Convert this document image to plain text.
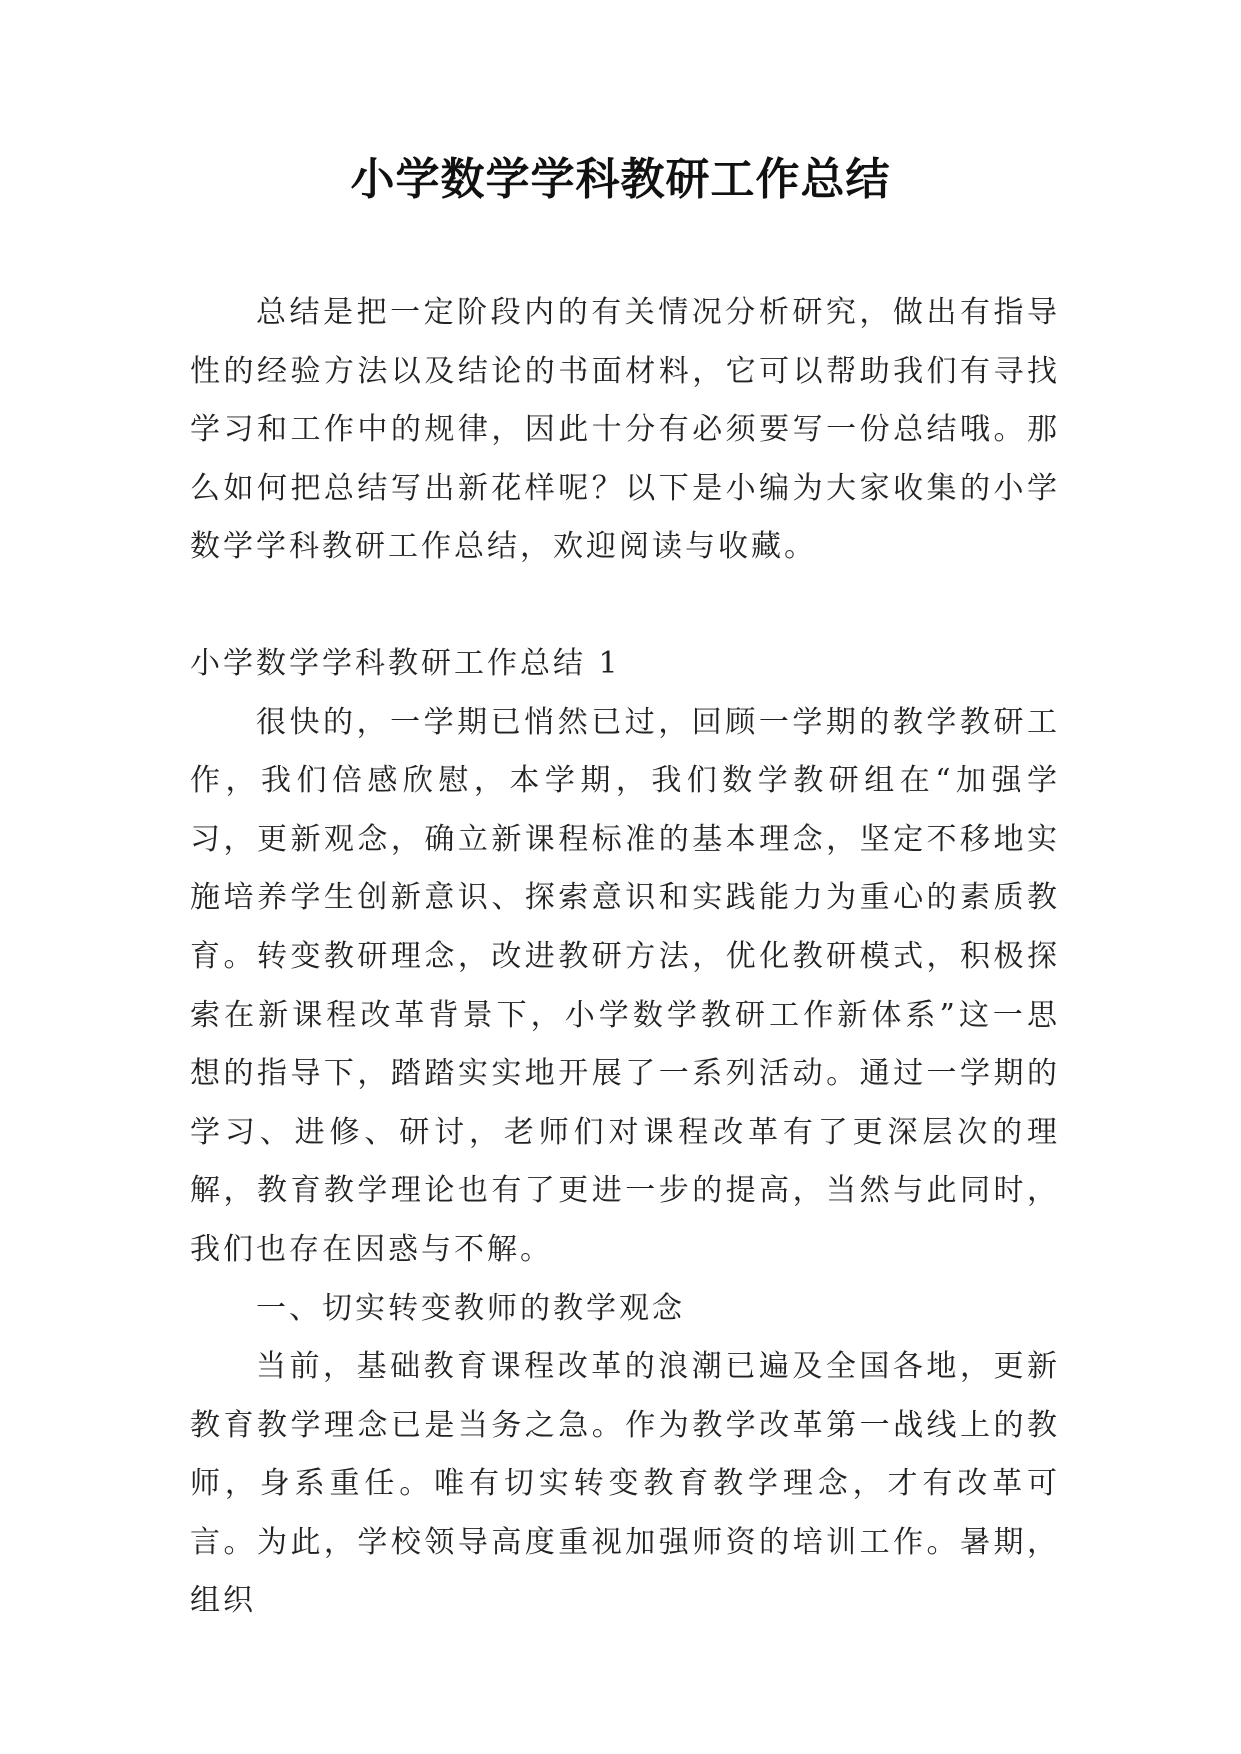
小学数学学科教研工作总结

总结是把一定阶段内的有关情况分析研究，做出有指导性的经验方法以及结论的书面材料，它可以帮助我们有寻找学习和工作中的规律，因此十分有必须要写一份总结哦。那么如何把总结写出新花样呢？以下是小编为大家收集的小学数学学科教研工作总结，欢迎阅读与收藏。

小学数学学科教研工作总结 1

很快的，一学期已悄然已过，回顾一学期的教学教研工作，我们倍感欣慰，本学期，我们数学教研组在“加强学习，更新观念，确立新课程标准的基本理念，坚定不移地实施培养学生创新意识、探索意识和实践能力为重心的素质教育。转变教研理念，改进教研方法，优化教研模式，积极探索在新课程改革背景下，小学数学教研工作新体系”这一思想的指导下，踏踏实实地开展了一系列活动。通过一学期的学习、进修、研讨，老师们对课程改革有了更深层次的理解，教育教学理论也有了更进一步的提高，当然与此同时，我们也存在因惑与不解。

一、切实转变教师的教学观念

当前，基础教育课程改革的浪潮已遍及全国各地，更新教育教学理念已是当务之急。作为教学改革第一战线上的教师，身系重任。唯有切实转变教育教学理念，才有改革可言。为此，学校领导高度重视加强师资的培训工作。暑期，组织
